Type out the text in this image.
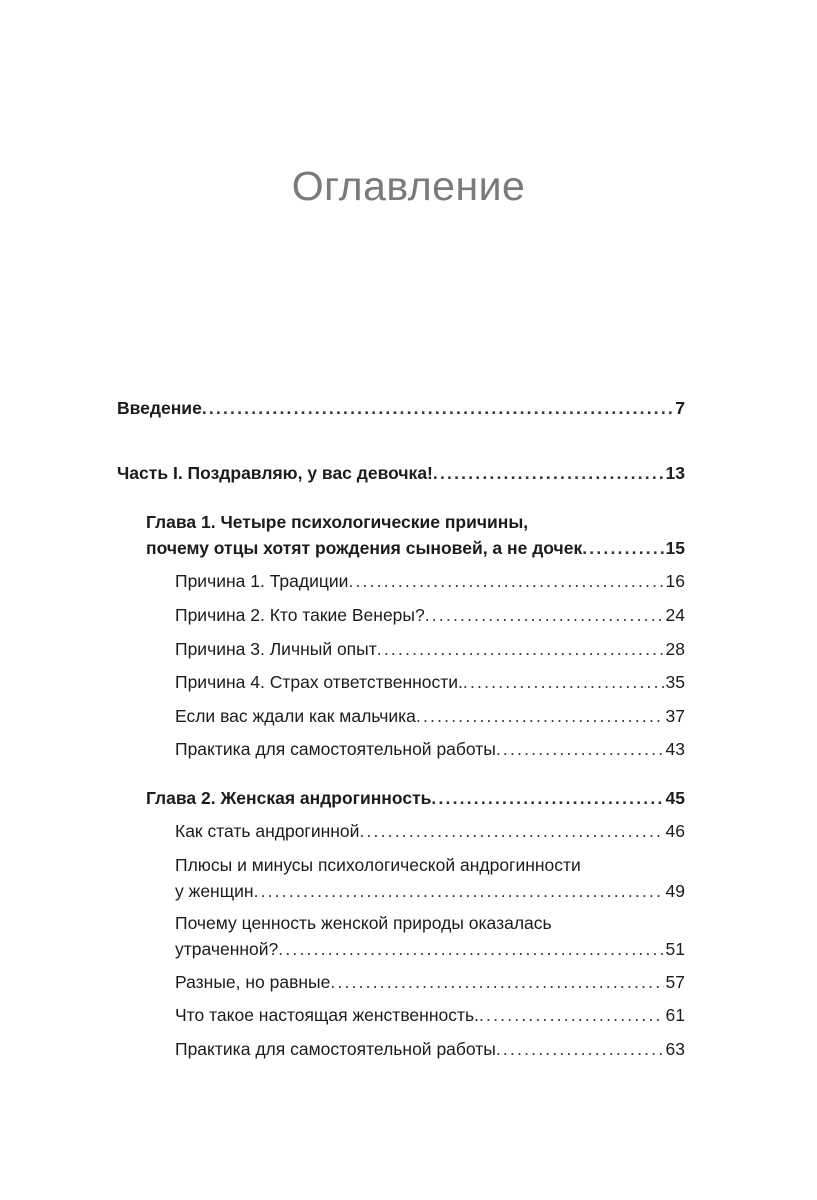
Оглавление
Введение .....	7
Часть I. Поздравляю, у вас девочка! .....	13
Глава 1. Четыре психологические причины,
почему отцы хотят рождения сыновей, а не дочек .....	15
Причина 1. Традиции .....	16
Причина 2. Кто такие Венеры? .....	24
Причина 3. Личный опыт .....	28
Причина 4. Страх ответственности. .....	35
Если вас ждали как мальчика .....	37
Практика для самостоятельной работы .....	43
Глава 2. Женская андрогинность .....	45
Как стать андрогинной .....	46
Плюсы и минусы психологической андрогинности
у женщин .....	49
Почему ценность женской природы оказалась
утраченной? .....	51
Разные, но равные .....	57
Что такое настоящая женственность. .....	61
Практика для самостоятельной работы .....	63
